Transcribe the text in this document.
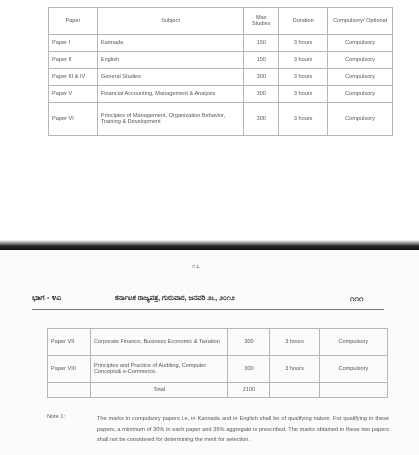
Paper	Subject	Max Studies	Duration	Compulsory/ Optional
Paper I	Kannada	150	3 hours	Compulsory
Paper II	English	150	3 hours	Compulsory
Paper III & IV	General Studies	300	3 hours	Compulsory
Paper V	Financial Accounting, Management & Analysis	300	3 hours	Compulsory
Paper VI	Principles of Management, Organization Behavior, Training & Development	300	3 hours	Compulsory
೧೭
ಭಾಗ - ೪ಎ	ಕರ್ನಾಟಕ ರಾಜ್ಯಪತ್ರ, ಗುರುವಾರ, ಜನವರಿ ೨೬, ೨೦೧೨	೧೧೧
Paper VII	Corporate Finance, Business Economic & Taxation	300	3 hours	Compulsory
Paper VIII	Principles and Practice of Auditing, Computer Concepts& e-Commerce.	300	3 hours	Compulsory
	Total	2100		
Note 1:	The marks in compulsory papers i.e, in Kannada and in English shall be of qualifying nature. For qualifying in these papers, a minimum of 30% in each paper and 35% aggregate is prescribed. The marks obtained in these two papers shall not be considered for determining the merit for selection.
